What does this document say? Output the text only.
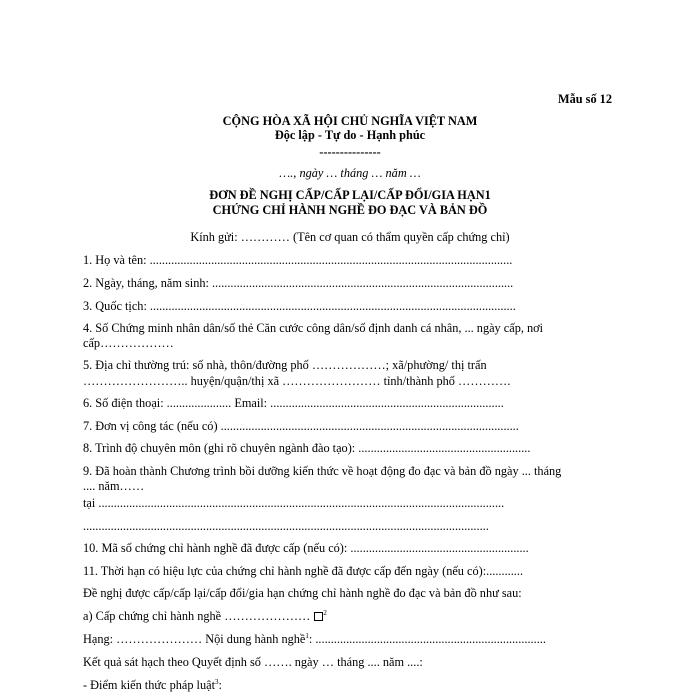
Mẫu số 12
CỘNG HÒA XÃ HỘI CHỦ NGHĨA VIỆT NAM
Độc lập - Tự do - Hạnh phúc
---------------
…., ngày … tháng … năm …
ĐƠN ĐỀ NGHỊ CẤP/CẤP LẠI/CẤP ĐỔI/GIA HẠN1
CHỨNG CHỈ HÀNH NGHỀ ĐO ĐẠC VÀ BẢN ĐỒ
Kính gửi: ………… (Tên cơ quan có thẩm quyền cấp chứng chỉ)
1. Họ và tên: ......................................................................................................................
2. Ngày, tháng, năm sinh: ..................................................................................................
3. Quốc tịch: .......................................................................................................................
4. Số Chứng minh nhân dân/số thẻ Căn cước công dân/số định danh cá nhân, ... ngày cấp, nơi
cấp………………
5. Địa chỉ thường trú: số nhà, thôn/đường phố ………………; xã/phường/ thị trấn
…………………….. huyện/quận/thị xã …………………… tỉnh/thành phố ………….
6. Số điện thoại: ..................... Email: ............................................................................
7. Đơn vị công tác (nếu có) .................................................................................................
8. Trình độ chuyên môn (ghi rõ chuyên ngành đào tạo): ........................................................
9. Đã hoàn thành Chương trình bồi dưỡng kiến thức về hoạt động đo đạc và bản đồ ngày ... tháng
.... năm……
tại ....................................................................................................................................
....................................................................................................................................
10. Mã số chứng chỉ hành nghề đã được cấp (nếu có): ..........................................................
11. Thời hạn có hiệu lực của chứng chỉ hành nghề đã được cấp đến ngày (nếu có):............
Đề nghị được cấp/cấp lại/cấp đổi/gia hạn chứng chỉ hành nghề đo đạc và bản đồ như sau:
a) Cấp chứng chỉ hành nghề ………………… $^2$
Hạng: ………………… Nội dung hành nghề$^1$: ...........................................................................
Kết quả sát hạch theo Quyết định số ……. ngày … tháng .... năm ....:
- Điểm kiến thức pháp luật$^3$:
